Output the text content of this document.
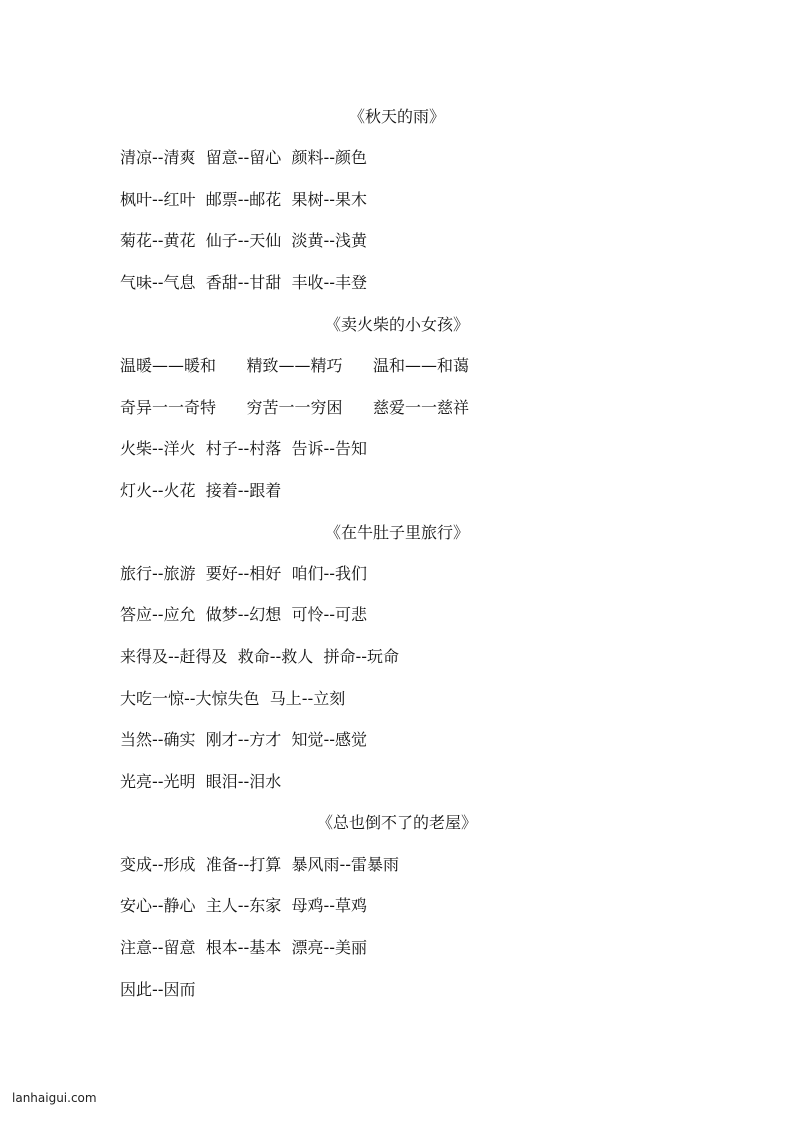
《秋天的雨》
清凉--清爽  留意--留心  颜料--颜色
枫叶--红叶  邮票--邮花  果树--果木
菊花--黄花  仙子--天仙  淡黄--浅黄
气味--气息  香甜--甘甜  丰收--丰登
《卖火柴的小女孩》
温暖——暖和      精致——精巧      温和——和蔼
奇异一一奇特      穷苦一一穷困      慈爱一一慈祥
火柴--洋火  村子--村落  告诉--告知
灯火--火花  接着--跟着
《在牛肚子里旅行》
旅行--旅游  要好--相好  咱们--我们
答应--应允  做梦--幻想  可怜--可悲
来得及--赶得及  救命--救人  拼命--玩命
大吃一惊--大惊失色  马上--立刻
当然--确实  刚才--方才  知觉--感觉
光亮--光明  眼泪--泪水
《总也倒不了的老屋》
变成--形成  准备--打算  暴风雨--雷暴雨
安心--静心  主人--东家  母鸡--草鸡
注意--留意  根本--基本  漂亮--美丽
因此--因而
lanhaigui.com
